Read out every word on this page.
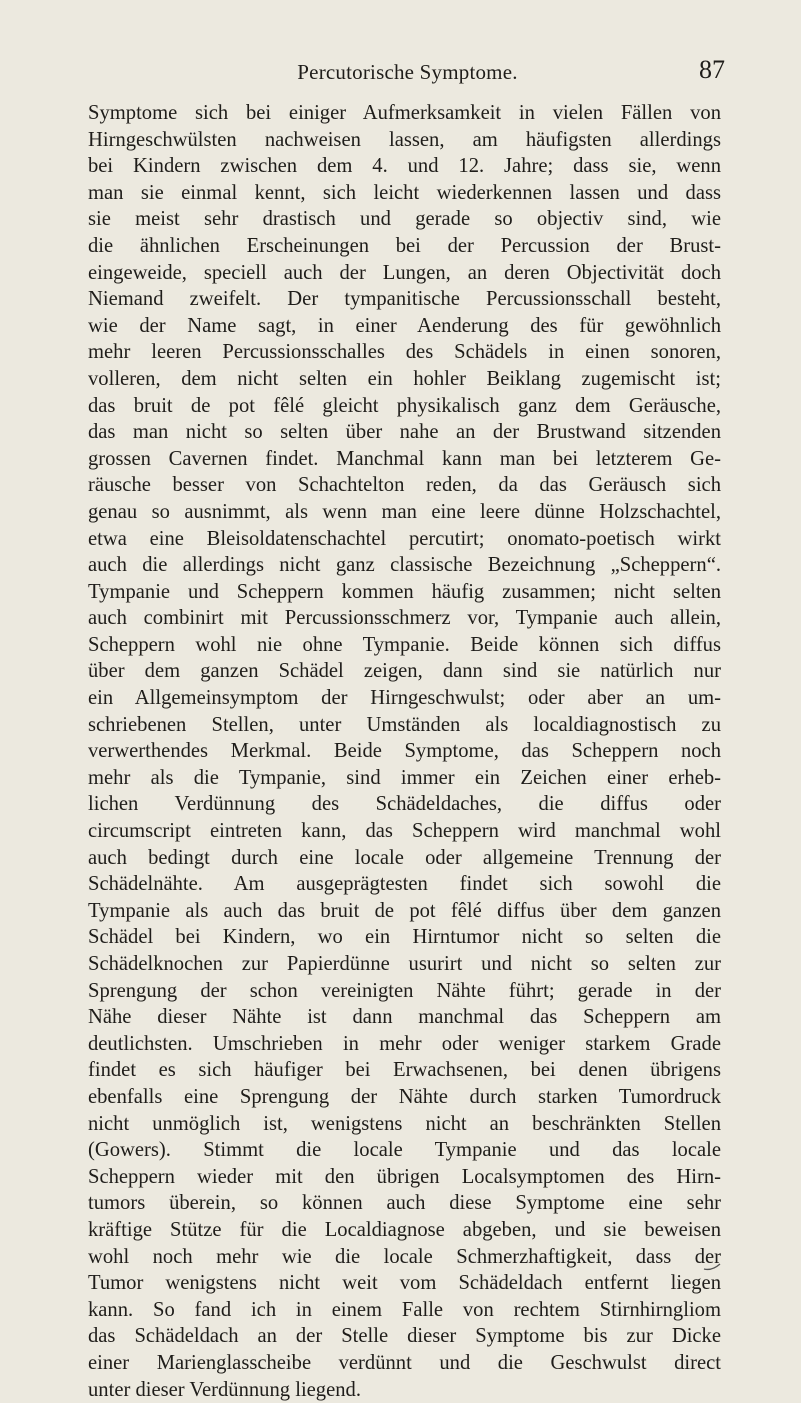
Percutorische Symptome.	87
Symptome sich bei einiger Aufmerksamkeit in vielen Fällen von
Hirngeschwülsten nachweisen lassen, am häufigsten allerdings
bei Kindern zwischen dem 4. und 12. Jahre; dass sie, wenn
man sie einmal kennt, sich leicht wiederkennen lassen und dass
sie meist sehr drastisch und gerade so objectiv sind, wie
die ähnlichen Erscheinungen bei der Percussion der Brust-
eingeweide, speciell auch der Lungen, an deren Objectivität doch
Niemand zweifelt. Der tympanitische Percussionsschall besteht,
wie der Name sagt, in einer Aenderung des für gewöhnlich
mehr leeren Percussionsschalles des Schädels in einen sonoren,
volleren, dem nicht selten ein hohler Beiklang zugemischt ist;
das bruit de pot fêlé gleicht physikalisch ganz dem Geräusche,
das man nicht so selten über nahe an der Brustwand sitzenden
grossen Cavernen findet. Manchmal kann man bei letzterem Ge-
räusche besser von Schachtelton reden, da das Geräusch sich
genau so ausnimmt, als wenn man eine leere dünne Holzschachtel,
etwa eine Bleisoldatenschachtel percutirt; onomato-poetisch wirkt
auch die allerdings nicht ganz classische Bezeichnung „Scheppern“.
Tympanie und Scheppern kommen häufig zusammen; nicht selten
auch combinirt mit Percussionsschmerz vor, Tympanie auch allein,
Scheppern wohl nie ohne Tympanie. Beide können sich diffus
über dem ganzen Schädel zeigen, dann sind sie natürlich nur
ein Allgemeinsymptom der Hirngeschwulst; oder aber an um-
schriebenen Stellen, unter Umständen als localdiagnostisch zu
verwerthendes Merkmal. Beide Symptome, das Scheppern noch
mehr als die Tympanie, sind immer ein Zeichen einer erheb-
lichen Verdünnung des Schädeldaches, die diffus oder
circumscript eintreten kann, das Scheppern wird manchmal wohl
auch bedingt durch eine locale oder allgemeine Trennung der
Schädelnähte. Am ausgeprägtesten findet sich sowohl die
Tympanie als auch das bruit de pot fêlé diffus über dem ganzen
Schädel bei Kindern, wo ein Hirntumor nicht so selten die
Schädelknochen zur Papierdünne usurirt und nicht so selten zur
Sprengung der schon vereinigten Nähte führt; gerade in der
Nähe dieser Nähte ist dann manchmal das Scheppern am
deutlichsten. Umschrieben in mehr oder weniger starkem Grade
findet es sich häufiger bei Erwachsenen, bei denen übrigens
ebenfalls eine Sprengung der Nähte durch starken Tumordruck
nicht unmöglich ist, wenigstens nicht an beschränkten Stellen
(Gowers). Stimmt die locale Tympanie und das locale
Scheppern wieder mit den übrigen Localsymptomen des Hirn-
tumors überein, so können auch diese Symptome eine sehr
kräftige Stütze für die Localdiagnose abgeben, und sie beweisen
wohl noch mehr wie die locale Schmerzhaftigkeit, dass der
Tumor wenigstens nicht weit vom Schädeldach entfernt liegen
kann. So fand ich in einem Falle von rechtem Stirnhirngliom
das Schädeldach an der Stelle dieser Symptome bis zur Dicke
einer Marienglasscheibe verdünnt und die Geschwulst direct
unter dieser Verdünnung liegend.
